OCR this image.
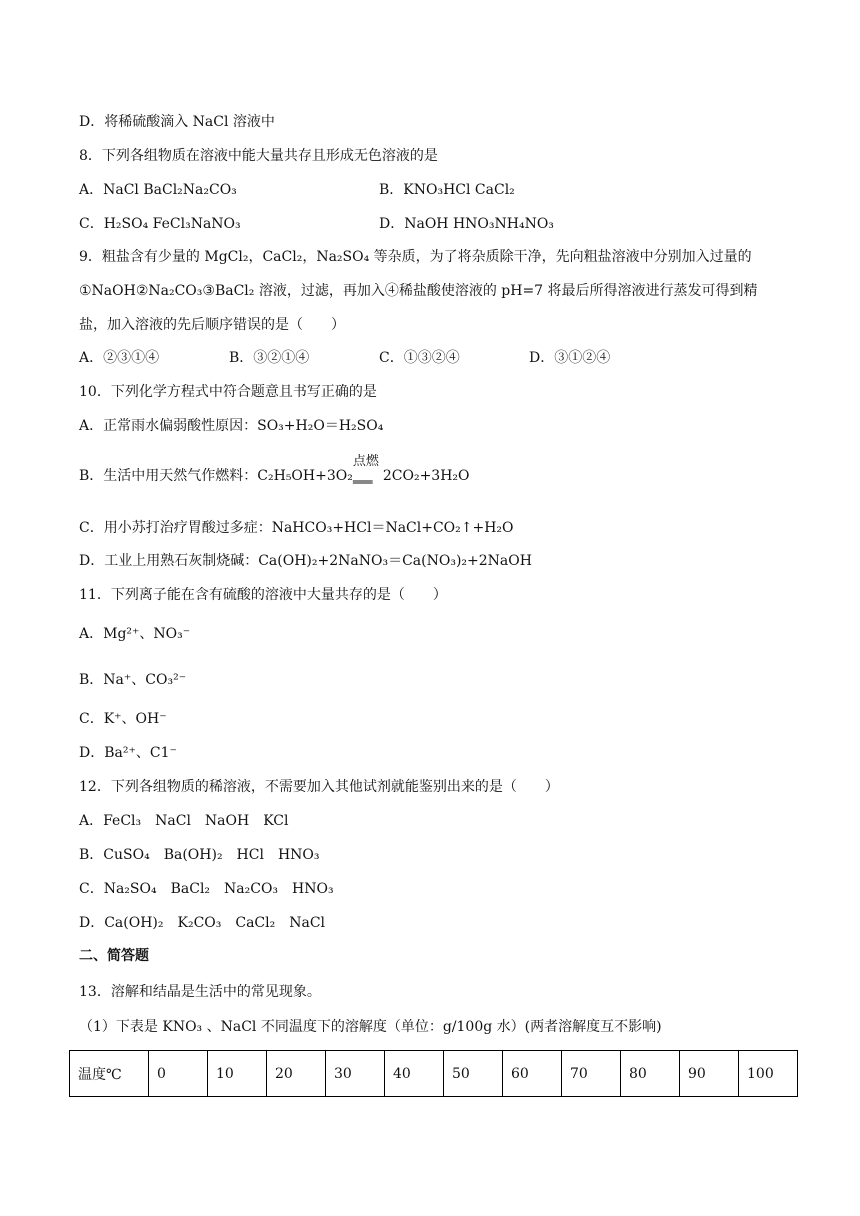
D．将稀硫酸滴入 NaCl 溶液中
8．下列各组物质在溶液中能大量共存且形成无色溶液的是
A．NaCl BaCl₂Na₂CO₃	B．KNO₃HCl CaCl₂
C．H₂SO₄ FeCl₃NaNO₃	D．NaOH HNO₃NH₄NO₃
9．粗盐含有少量的 MgCl₂，CaCl₂，Na₂SO₄ 等杂质，为了将杂质除干净，先向粗盐溶液中分别加入过量的
①NaOH②Na₂CO₃③BaCl₂ 溶液，过滤，再加入④稀盐酸使溶液的 pH=7 将最后所得溶液进行蒸发可得到精
盐，加入溶液的先后顺序错误的是（　　）
A．②③①④	B．③②①④	C．①③②④	D．③①②④
10．下列化学方程式中符合题意且书写正确的是
A．正常雨水偏弱酸性原因：SO₃+H₂O＝H₂SO₄
B．生活中用天然气作燃料：C₂H₅OH+3O₂
点燃
═══ 2CO₂+3H₂O
C．用小苏打治疗胃酸过多症：NaHCO₃+HCl＝NaCl+CO₂↑+H₂O
D．工业上用熟石灰制烧碱：Ca(OH)₂+2NaNO₃＝Ca(NO₃)₂+2NaOH
11．下列离子能在含有硫酸的溶液中大量共存的是（　　）
A．Mg²⁺、NO₃⁻
B．Na⁺、CO₃²⁻
C．K⁺、OH⁻
D．Ba²⁺、C1⁻
12．下列各组物质的稀溶液，不需要加入其他试剂就能鉴别出来的是（　　）
A．FeCl₃　NaCl　NaOH　KCl
B．CuSO₄　Ba(OH)₂　HCl　HNO₃
C．Na₂SO₄　BaCl₂　Na₂CO₃　HNO₃
D．Ca(OH)₂　K₂CO₃　CaCl₂　NaCl
二、简答题
13．溶解和结晶是生活中的常见现象。
（1）下表是 KNO₃ 、NaCl 不同温度下的溶解度（单位：g/100g 水）(两者溶解度互不影响)
温度℃	0	10	20	30	40	50	60	70	80	90	100
